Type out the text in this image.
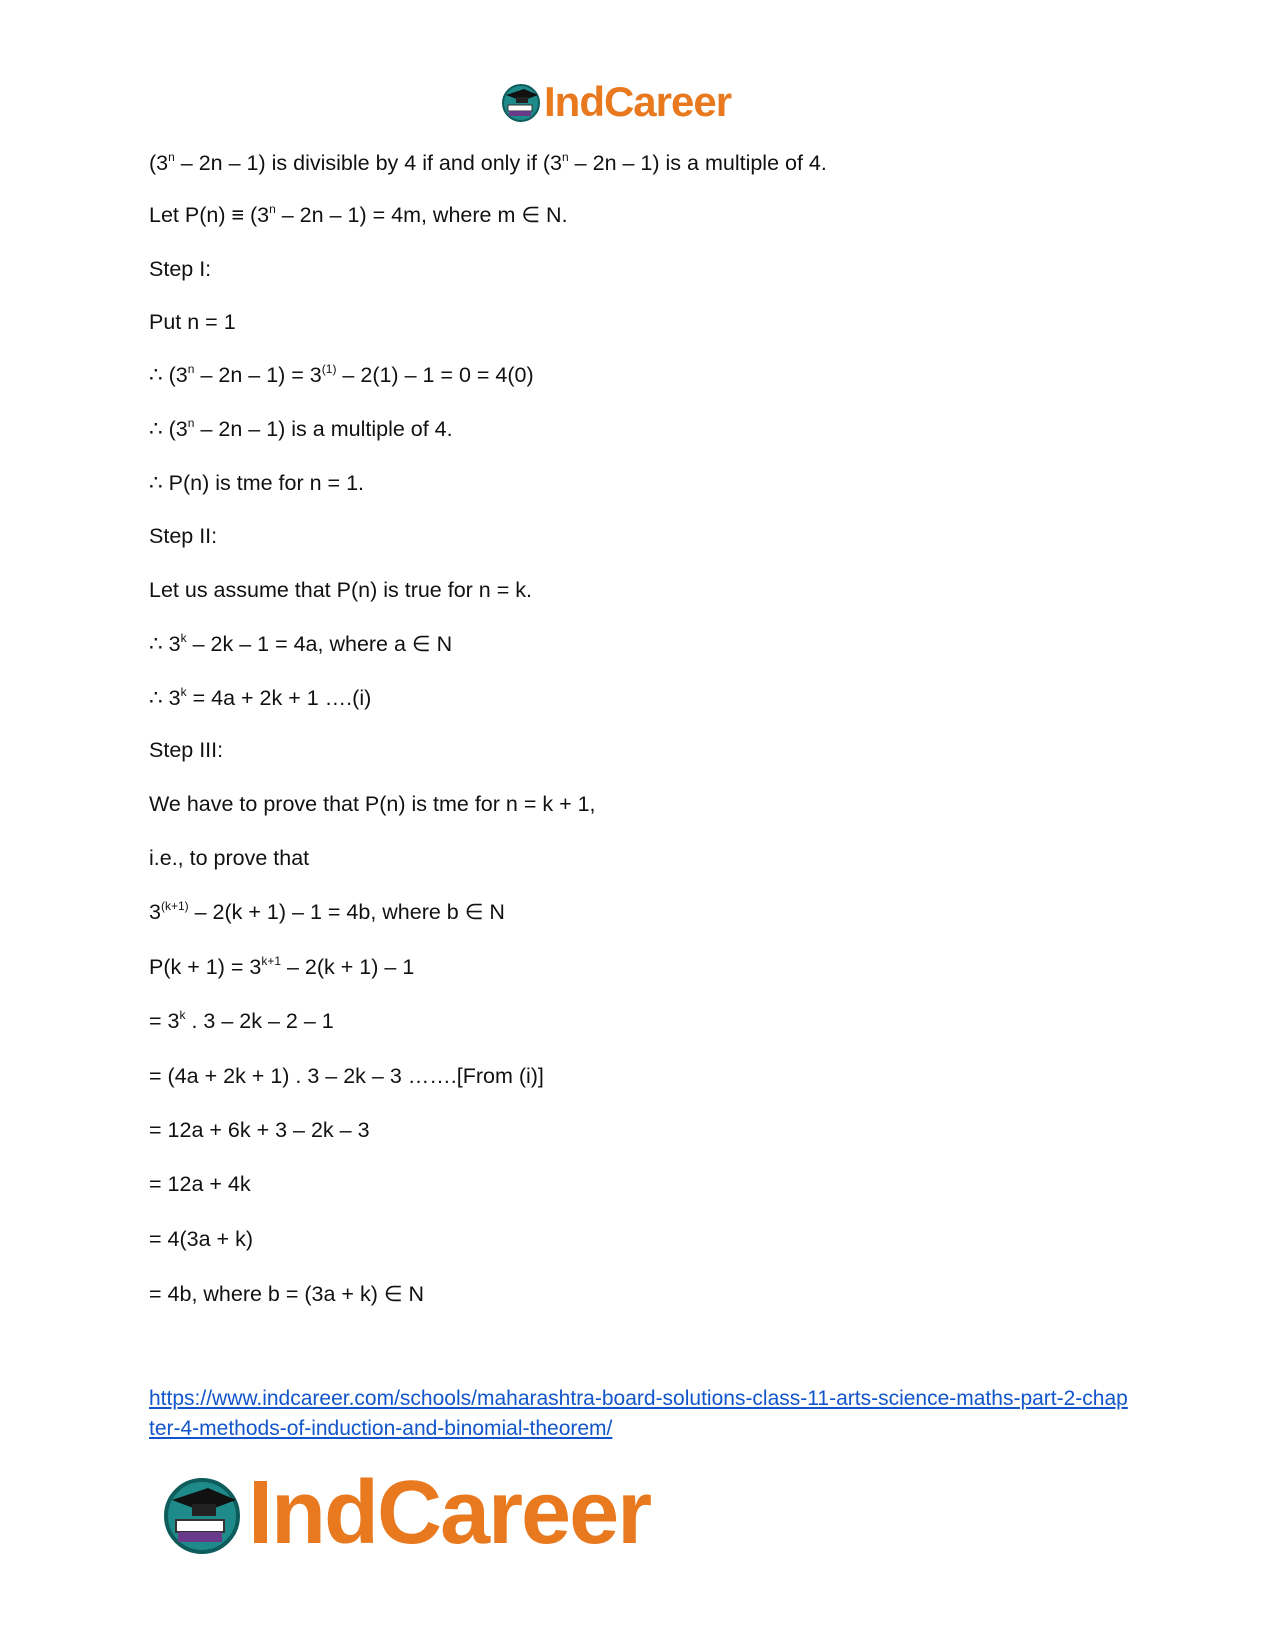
IndCareer
(3$^n$ – 2n – 1) is divisible by 4 if and only if (3$^n$ – 2n – 1) is a multiple of 4.
Let $P(n) \equiv (3^n - 2n - 1) = 4m$, where m ∈ N.
Step I:
Put n = 1
∴ $(3^n - 2n - 1) = 3^{(1)} - 2(1) - 1 = 0 = 4(0)$
∴ (3$^n$ – 2n – 1) is a multiple of 4.
∴ P(n) is tme for n = 1.
Step II:
Let us assume that P(n) is true for n = k.
∴ 3$^k$ – 2k – 1 = 4a, where a ∈ N
∴ $3^k = 4a + 2k + 1$ ….(i)
Step III:
We have to prove that P(n) is tme for n = k + 1,
i.e., to prove that
$3^{(k+1)} - 2(k + 1) - 1 = 4b$, where b ∈ N
$P(k + 1) = 3^{k+1} - 2(k + 1) - 1$
= $3^k$ . 3 – 2k – 2 – 1
= (4a + 2k + 1) . 3 – 2k – 3 …….[From (i)]
= 12a + 6k + 3 – 2k – 3
= 12a + 4k
= 4(3a + k)
= 4b, where b = (3a + k) ∈ N
https://www.indcareer.com/schools/maharashtra-board-solutions-class-11-arts-science-maths-part-2-chapter-4-methods-of-induction-and-binomial-theorem/
IndCareer
